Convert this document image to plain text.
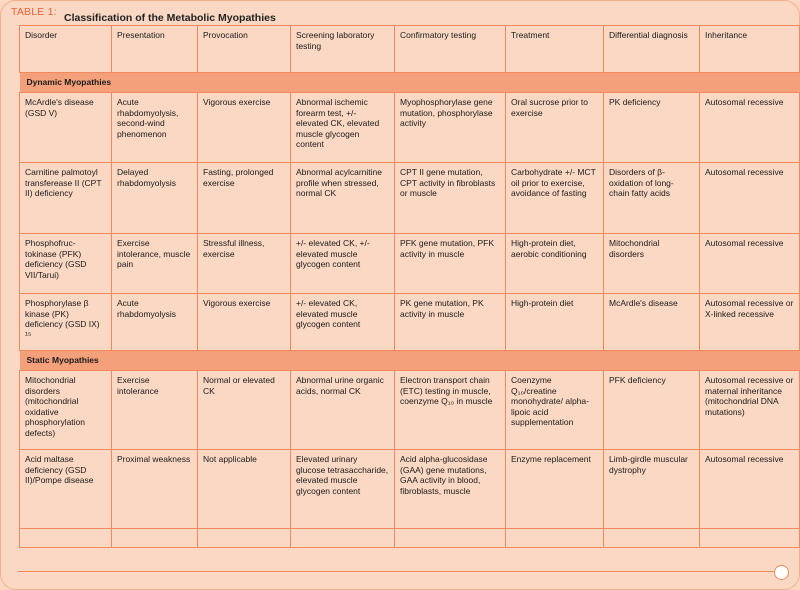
TABLE 1: Classification of the Metabolic Myopathies
Disorder	Presentation	Provocation	Screening laboratory testing	Confirmatory testing	Treatment	Differential diagnosis	Inheritance
Dynamic Myopathies							
McArdle's disease (GSD V)	Acute rhabdomyolysis, second-wind phenomenon	Vigorous exercise	Abnormal ischemic forearm test, +/- elevated CK, elevated muscle glycogen content	Myophosphorylase gene mutation, phosphorylase activity	Oral sucrose prior to exercise	PK deficiency	Autosomal recessive
Carnitine palmotoyl transferease II (CPT II) deficiency	Delayed rhabdomyolysis	Fasting, prolonged exercise	Abnormal acylcarnitine profile when stressed, normal CK	CPT II gene mutation, CPT activity in fibroblasts or muscle	Carbohydrate +/- MCT oil prior to exercise, avoidance of fasting	Disorders of β-oxidation of long-chain fatty acids	Autosomal recessive
Phosphofruc-tokinase (PFK) deficiency (GSD VII/Tarui)	Exercise intolerance, muscle pain	Stressful illness, exercise	+/- elevated CK, +/- elevated muscle glycogen content	PFK gene mutation, PFK activity in muscle	High-protein diet, aerobic conditioning	Mitochondrial disorders	Autosomal recessive
Phosphorylase β kinase (PK) deficiency (GSD IX) ¹⁵	Acute rhabdomyolysis	Vigorous exercise	+/- elevated CK, elevated muscle glycogen content	PK gene mutation, PK activity in muscle	High-protein diet	McArdle's disease	Autosomal recessive or X-linked recessive
Static Myopathies							
Mitochondrial disorders (mitochondrial oxidative phosphorylation defects)	Exercise intolerance	Normal or elevated CK	Abnormal urine organic acids, normal CK	Electron transport chain (ETC) testing in muscle, coenzyme Q₁₀ in muscle	Coenzyme Q₁₀/creatine monohydrate/ alpha-lipoic acid supplementation	PFK deficiency	Autosomal recessive or maternal inheritance (mitochondrial DNA mutations)
Acid maltase deficiency (GSD II)/Pompe disease	Proximal weakness	Not applicable	Elevated urinary glucose tetrasaccharide, elevated muscle glycogen content	Acid alpha-glucosidase (GAA) gene mutations, GAA activity in blood, fibroblasts, muscle	Enzyme replacement	Limb-girdle muscular dystrophy	Autosomal recessive
